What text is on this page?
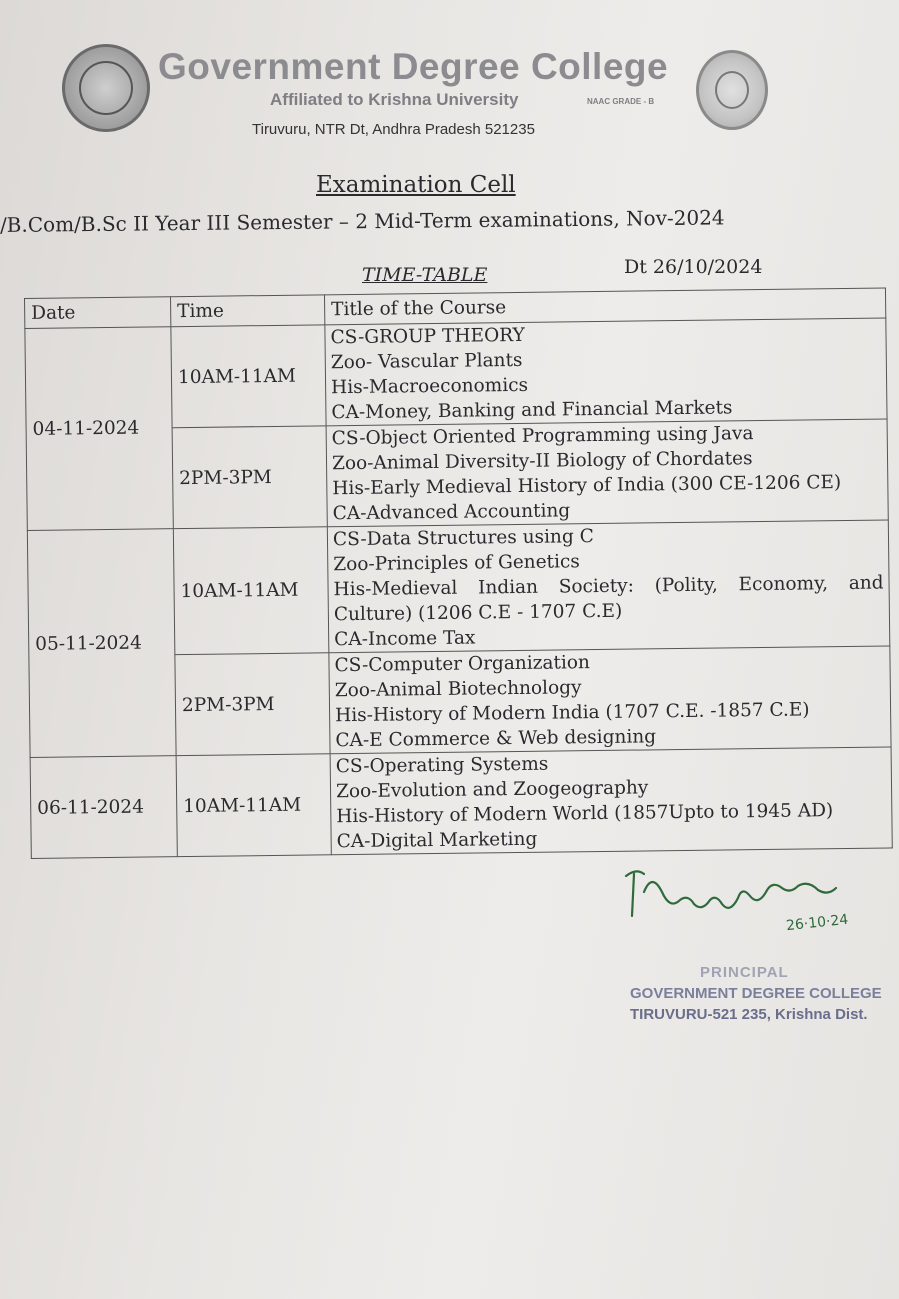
Government Degree College
Affiliated to Krishna University	NAAC GRADE - B
Tiruvuru, NTR Dt, Andhra Pradesh 521235
Examination Cell
/B.Com/B.Sc II Year III Semester – 2 Mid-Term examinations, Nov-2024
TIME-TABLE	Dt 26/10/2024
Date	Time	Title of the Course
04-11-2024	10AM-11AM	CS-GROUP THEORY
Zoo- Vascular Plants
His-Macroeconomics
CA-Money, Banking and Financial Markets

	2PM-3PM	CS-Object Oriented Programming using Java
Zoo-Animal Diversity-II Biology of Chordates
His-Early Medieval History of India (300 CE-1206 CE)
CA-Advanced Accounting

05-11-2024	10AM-11AM	CS-Data Structures using C
Zoo-Principles of Genetics
His-Medieval Indian Society: (Polity, Economy, and Culture) (1206 C.E - 1707 C.E)
CA-Income Tax

	2PM-3PM	CS-Computer Organization
Zoo-Animal Biotechnology
His-History of Modern India (1707 C.E. -1857 C.E)
CA-E Commerce & Web designing

06-11-2024	10AM-11AM	CS-Operating Systems
Zoo-Evolution and Zoogeography
His-History of Modern World (1857Upto to 1945 AD)
CA-Digital Marketing
26·10·24
PRINCIPAL
GOVERNMENT DEGREE COLLEGE
TIRUVURU-521 235, Krishna Dist.
